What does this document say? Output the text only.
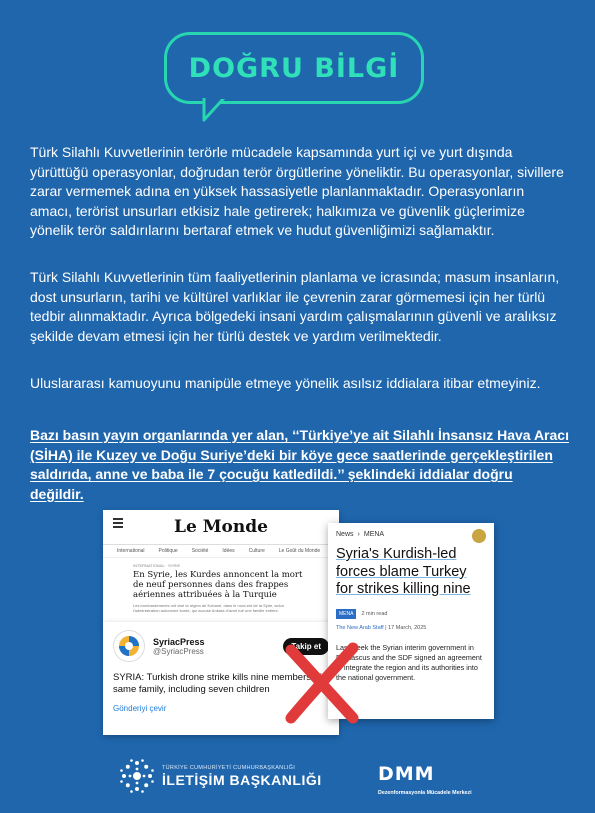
DOĞRU BİLGİ
Türk Silahlı Kuvvetlerinin terörle mücadele kapsamında yurt içi ve yurt dışında yürüttüğü operasyonlar, doğrudan terör örgütlerine yöneliktir. Bu operasyonlar, sivillere zarar vermemek adına en yüksek hassasiyetle planlanmaktadır. Operasyonların amacı, terörist unsurları etkisiz hale getirerek; halkımıza ve güvenlik güçlerimize yönelik terör saldırılarını bertaraf etmek ve hudut güvenliğimizi sağlamaktır.
Türk Silahlı Kuvvetlerinin tüm faaliyetlerinin planlama ve icrasında; masum insanların, dost unsurların, tarihi ve kültürel varlıklar ile çevrenin zarar görmemesi için her türlü tedbir alınmaktadır. Ayrıca bölgedeki insani yardım çalışmalarının güvenli ve aralıksız şekilde devam etmesi için her türlü destek ve yardım verilmektedir.
Uluslararası kamuoyunu manipüle etmeye yönelik asılsız iddialara itibar etmeyiniz.
Bazı basın yayın organlarında yer alan, ‘‘Türkiye’ye ait Silahlı İnsansız Hava Aracı (SİHA) ile Kuzey ve Doğu Suriye’deki bir köye gece saatlerinde gerçekleştirilen saldırıda, anne ve baba ile 7 çocuğu katledildi.’’ şeklindeki iddialar doğru değildir.
Le Monde
International	Politique	Société	Idées	Culture	Le Goût du Monde
INTERNATIONAL · SYRIE
En Syrie, les Kurdes annoncent la mort de neuf personnes dans des frappes aériennes attribuées à la Turquie
Les bombardements ont visé la région de Kobané, dans le nord-est de la Syrie, selon l'administration autonome kurde, qui accuse Ankara d'avoir tué une famille entière.
SyriacPress
@SyriacPress
Takip et
SYRIA: Turkish drone strike kills nine members of same family, including seven children
Gönderiyi çevir
News › MENA
Syria's Kurdish-led forces blame Turkey for strikes killing nine
MENA	2 min read
The New Arab Staff | 17 March, 2025
Last week the Syrian interim government in Damascus and the SDF signed an agreement to integrate the region and its authorities into the national government.
TÜRKİYE CUMHURİYETİ CUMHURBAŞKANLIĞI
İLETİŞİM BAŞKANLIĞI	DMM
Dezenformasyonla Mücadele Merkezi
